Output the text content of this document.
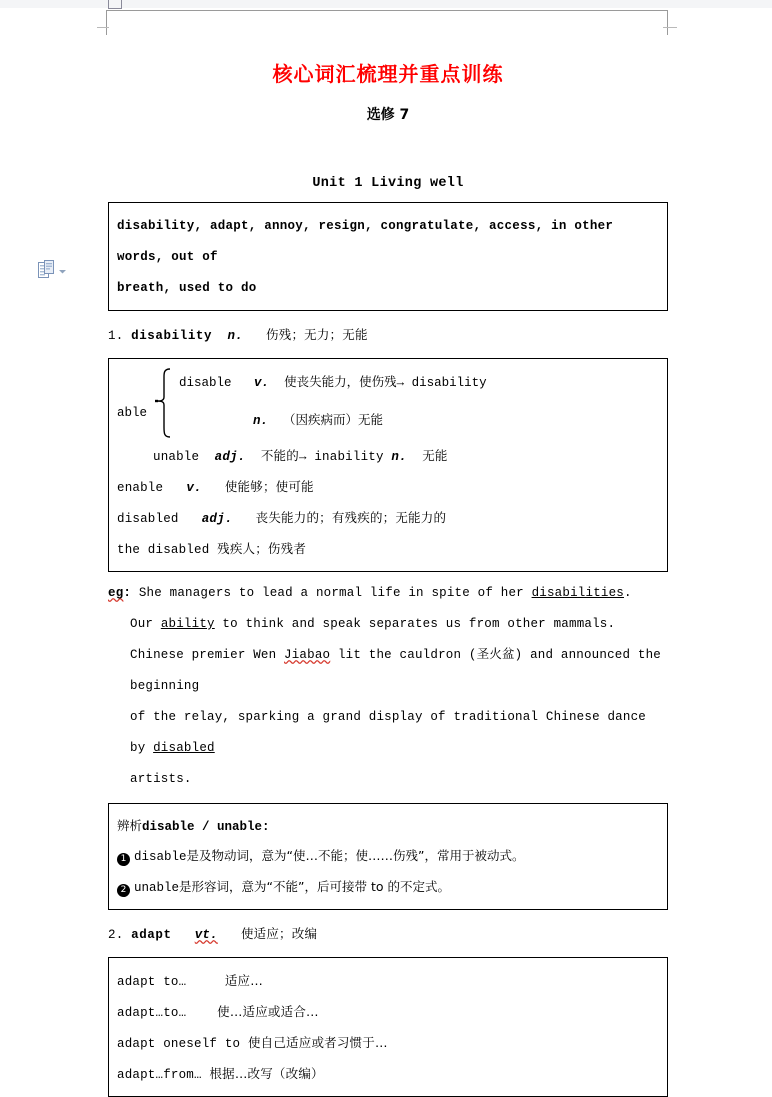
核心词汇梳理并重点训练
选修 7
Unit 1 Living well
disability, adapt, annoy, resign, congratulate, access, in other words, out of
breath, used to do
1. disability n. 伤残；无力；无能
able
disable v. 使丧失能力，使伤残→ disability
n. （因疾病而）无能
unable adj. 不能的→ inability n. 无能
enable v. 使能够；使可能
disabled adj. 丧失能力的；有残疾的；无能力的
the disabled 残疾人；伤残者
eg: She managers to lead a normal life in spite of her disabilities.
Our ability to think and speak separates us from other mammals.
Chinese premier Wen Jiabao lit the cauldron (圣火盆) and announced the beginning
of the relay, sparking a grand display of traditional Chinese dance by disabled
artists.
辨析disable / unable:
1 disable是及物动词，意为“使…不能；使……伤残”，常用于被动式。
2 unable是形容词，意为“不能”，后可接带 to 的不定式。
2. adapt vt. 使适应；改编
adapt to…	适应…
adapt…to… 使…适应或适合…
adapt oneself to 使自己适应或者习惯于…
adapt…from… 根据…改写（改编）
